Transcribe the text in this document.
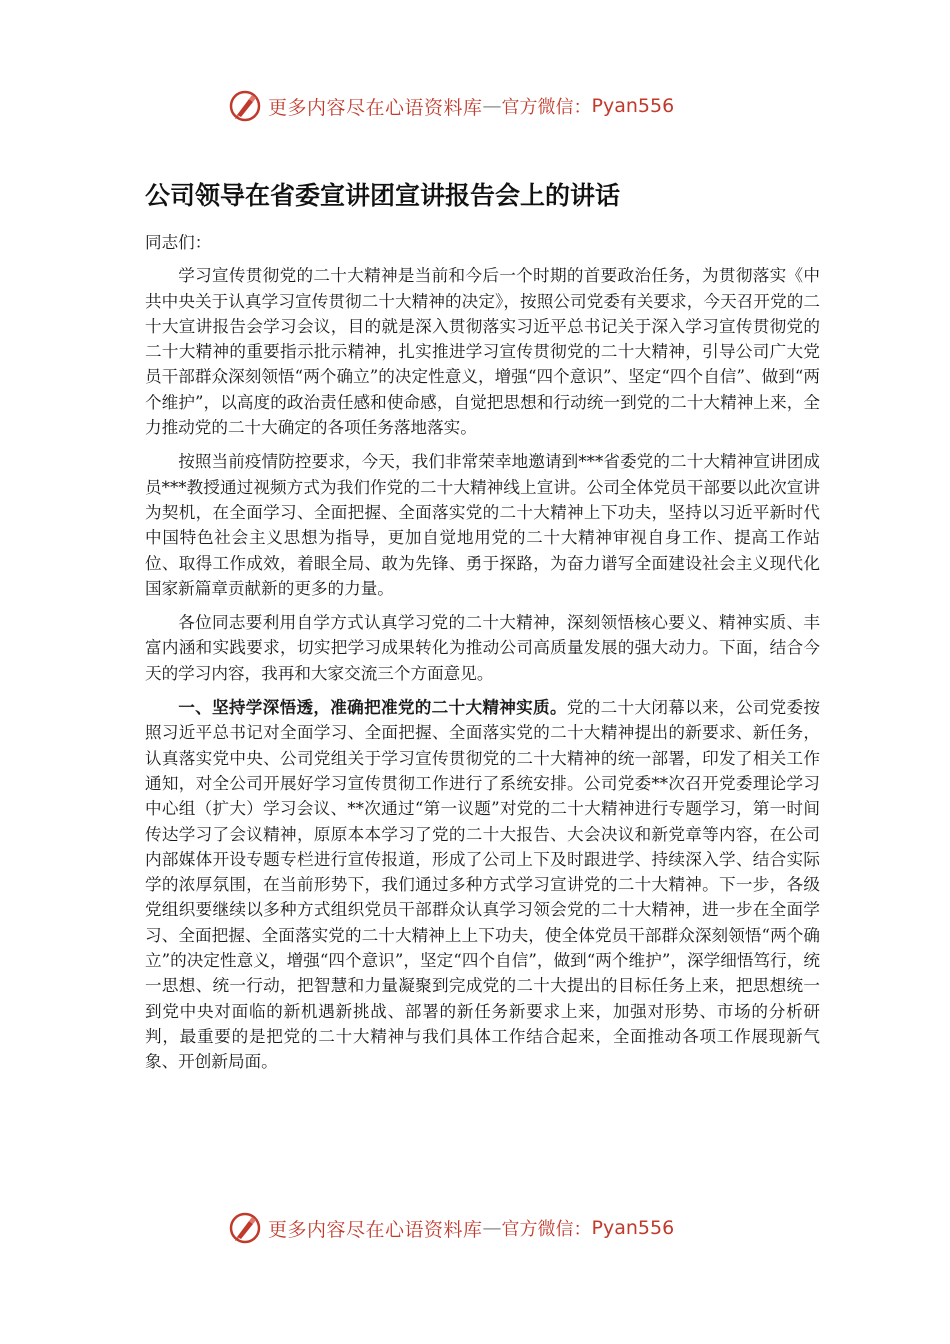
更多内容尽在心语资料库 — 官方微信： Pyan556
公司领导在省委宣讲团宣讲报告会上的讲话

同志们：

学习宣传贯彻党的二十大精神是当前和今后一个时期的首要政治任务，为贯彻落实《中共中央关于认真学习宣传贯彻二十大精神的决定》，按照公司党委有关要求，今天召开党的二十大宣讲报告会学习会议，目的就是深入贯彻落实习近平总书记关于深入学习宣传贯彻党的二十大精神的重要指示批示精神，扎实推进学习宣传贯彻党的二十大精神，引导公司广大党员干部群众深刻领悟“两个确立”的决定性意义，增强“四个意识”、坚定“四个自信”、做到“两个维护”，以高度的政治责任感和使命感，自觉把思想和行动统一到党的二十大精神上来，全力推动党的二十大确定的各项任务落地落实。

按照当前疫情防控要求，今天，我们非常荣幸地邀请到***省委党的二十大精神宣讲团成员***教授通过视频方式为我们作党的二十大精神线上宣讲。公司全体党员干部要以此次宣讲为契机，在全面学习、全面把握、全面落实党的二十大精神上下功夫，坚持以习近平新时代中国特色社会主义思想为指导，更加自觉地用党的二十大精神审视自身工作、提高工作站位、取得工作成效，着眼全局、敢为先锋、勇于探路，为奋力谱写全面建设社会主义现代化国家新篇章贡献新的更多的力量。

各位同志要利用自学方式认真学习党的二十大精神，深刻领悟核心要义、精神实质、丰富内涵和实践要求，切实把学习成果转化为推动公司高质量发展的强大动力。下面，结合今天的学习内容，我再和大家交流三个方面意见。

一、坚持学深悟透，准确把准党的二十大精神实质。党的二十大闭幕以来，公司党委按照习近平总书记对全面学习、全面把握、全面落实党的二十大精神提出的新要求、新任务，认真落实党中央、公司党组关于学习宣传贯彻党的二十大精神的统一部署，印发了相关工作通知，对全公司开展好学习宣传贯彻工作进行了系统安排。公司党委**次召开党委理论学习中心组（扩大）学习会议、**次通过“第一议题”对党的二十大精神进行专题学习，第一时间传达学习了会议精神，原原本本学习了党的二十大报告、大会决议和新党章等内容，在公司内部媒体开设专题专栏进行宣传报道，形成了公司上下及时跟进学、持续深入学、结合实际学的浓厚氛围，在当前形势下，我们通过多种方式学习宣讲党的二十大精神。下一步，各级党组织要继续以多种方式组织党员干部群众认真学习领会党的二十大精神，进一步在全面学习、全面把握、全面落实党的二十大精神上上下功夫，使全体党员干部群众深刻领悟“两个确立”的决定性意义，增强“四个意识”，坚定“四个自信”，做到“两个维护”，深学细悟笃行，统一思想、统一行动，把智慧和力量凝聚到完成党的二十大提出的目标任务上来，把思想统一到党中央对面临的新机遇新挑战、部署的新任务新要求上来，加强对形势、市场的分析研判，最重要的是把党的二十大精神与我们具体工作结合起来，全面推动各项工作展现新气象、开创新局面。

更多内容尽在心语资料库 — 官方微信： Pyan556
